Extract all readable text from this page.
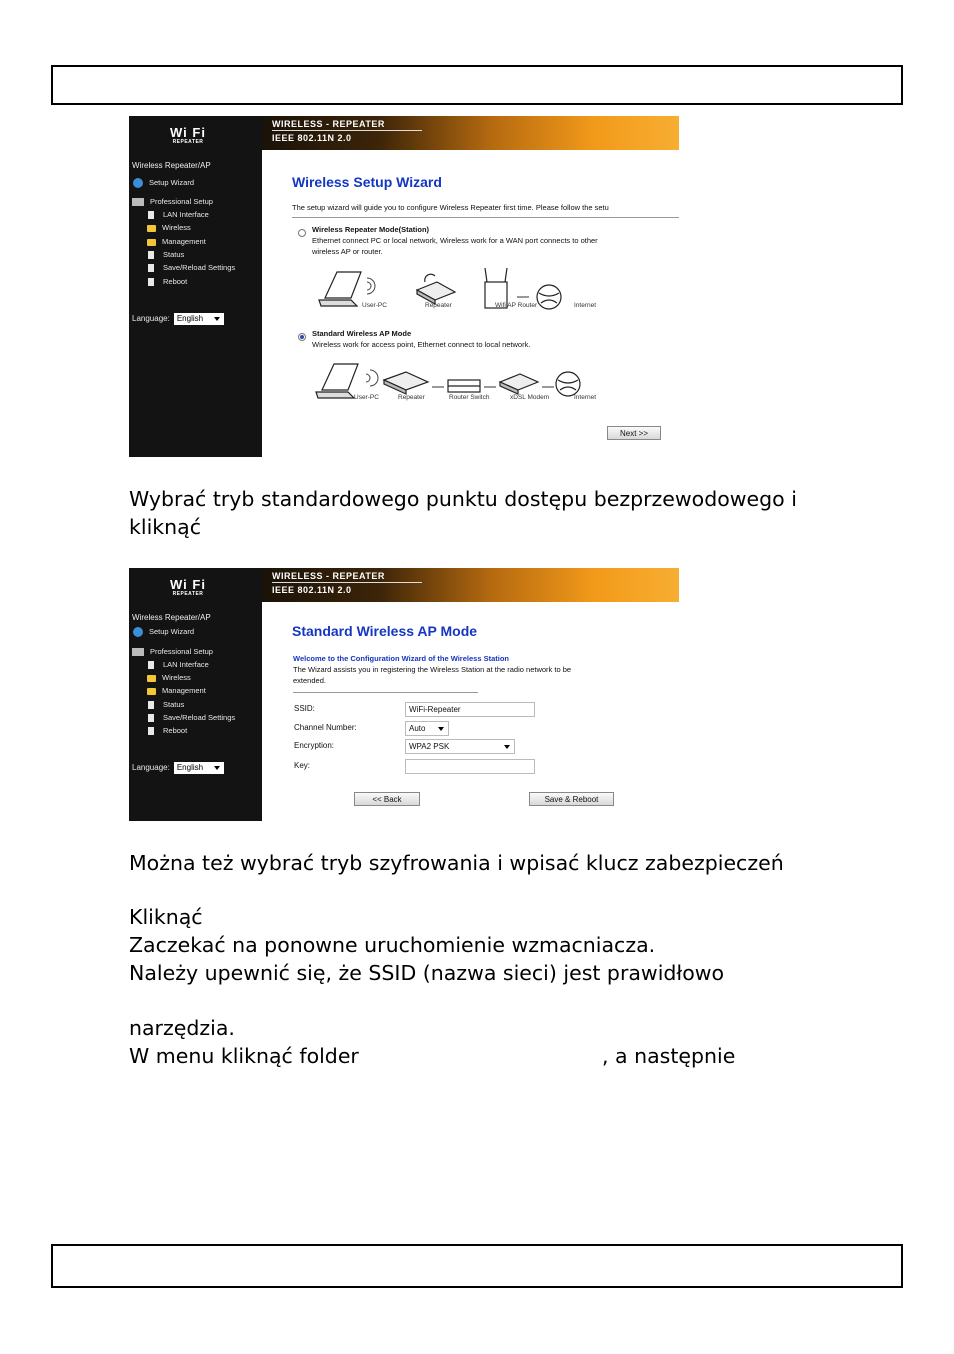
Wi Fi
REPEATER
Wireless Repeater/AP
Setup Wizard
Professional Setup
LAN Interface
Wireless
Management
Status
Save/Reload Settings
Reboot
Language: English
WIRELESS - REPEATER
IEEE 802.11N 2.0
Wireless Setup Wizard
The setup wizard will guide you to configure Wireless Repeater first time. Please follow the setu
Wireless Repeater Mode(Station)
Ethernet connect PC or local network, Wireless work for a WAN port connects to other
wireless AP or router.
User-PC	Repeater	Wifi AP Router	Internet
Standard Wireless AP Mode
Wireless work for access point, Ethernet connect to local network.
User-PC	Repeater	Router Switch	xDSL Modem	Internet
Next >>
Wybrać tryb standardowego punktu dostępu bezprzewodowego i
kliknąć
Wi Fi
REPEATER
Wireless Repeater/AP
Setup Wizard
Professional Setup
LAN Interface
Wireless
Management
Status
Save/Reload Settings
Reboot
Language: English
WIRELESS - REPEATER
IEEE 802.11N 2.0
Standard Wireless AP Mode
Welcome to the Configuration Wizard of the Wireless Station
The Wizard assists you in registering the Wireless Station at the radio network to be
extended.
SSID:	WiFi-Repeater
Channel Number:	Auto
Encryption:	WPA2 PSK
Key:
<< Back	Save & Reboot
Można też wybrać tryb szyfrowania i wpisać klucz zabezpieczeń
Kliknąć
Zaczekać na ponowne uruchomienie wzmacniacza.
Należy upewnić się, że SSID (nazwa sieci) jest prawidłowo
narzędzia.
W menu kliknąć folder	, a następnie
